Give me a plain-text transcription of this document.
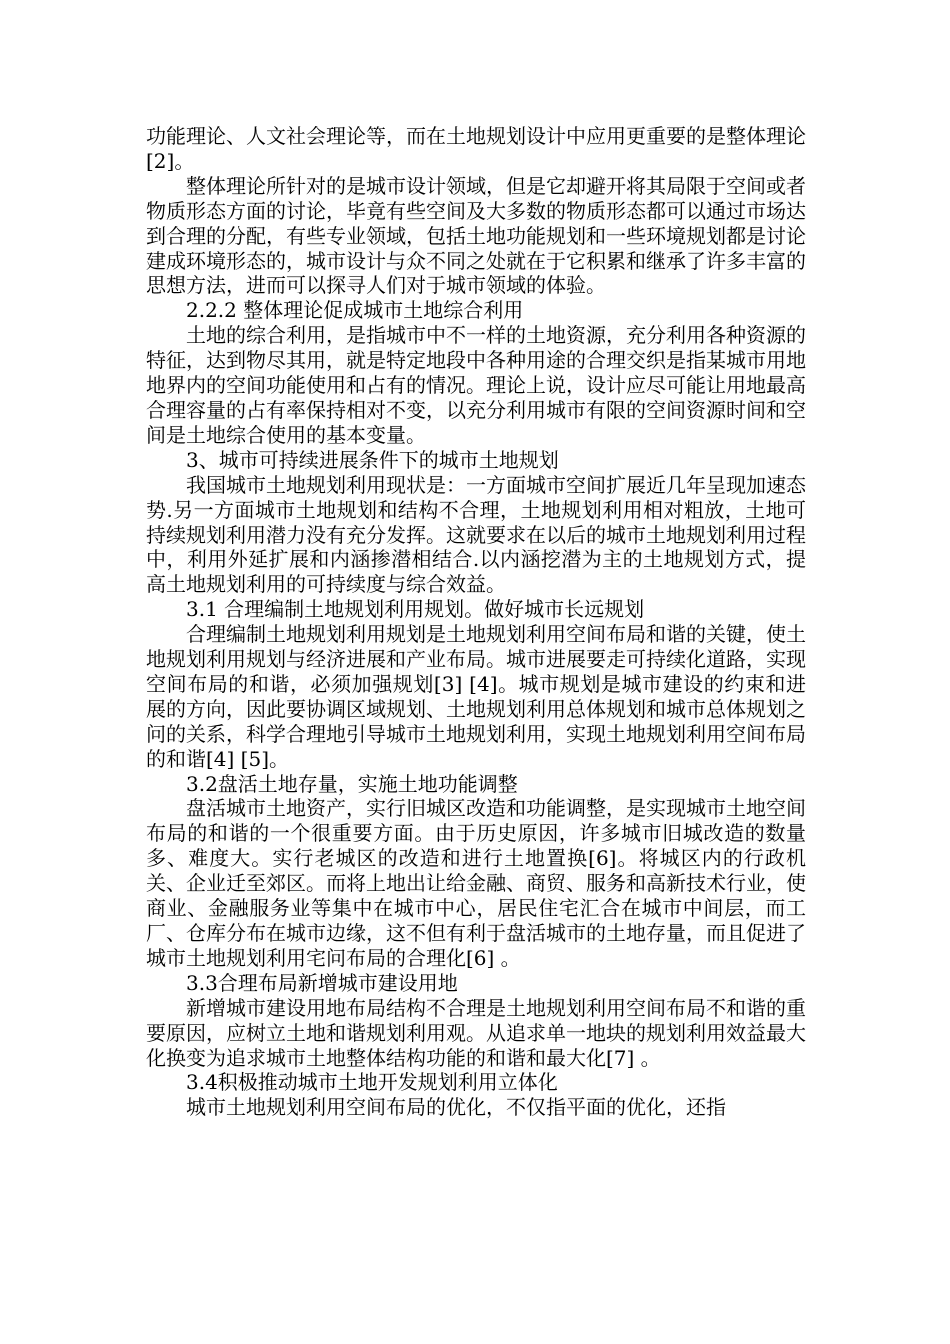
功能理论、人文社会理论等，而在土地规划设计中应用更重要的是整体理论[2]。

整体理论所针对的是城市设计领域，但是它却避开将其局限于空间或者物质形态方面的讨论，毕竟有些空间及大多数的物质形态都可以通过市场达到合理的分配，有些专业领域，包括土地功能规划和一些环境规划都是讨论建成环境形态的，城市设计与众不同之处就在于它积累和继承了许多丰富的思想方法，进而可以探寻人们对于城市领域的体验。

2.2.2 整体理论促成城市土地综合利用

土地的综合利用，是指城市中不一样的土地资源，充分利用各种资源的特征，达到物尽其用，就是特定地段中各种用途的合理交织是指某城市用地地界内的空间功能使用和占有的情况。理论上说，设计应尽可能让用地最高合理容量的占有率保持相对不变，以充分利用城市有限的空间资源时间和空间是土地综合使用的基本变量。

3、城市可持续进展条件下的城市土地规划

我国城市土地规划利用现状是：一方面城市空间扩展近几年呈现加速态势.另一方面城市土地规划和结构不合理，土地规划利用相对粗放，土地可持续规划利用潜力没有充分发挥。这就要求在以后的城市土地规划利用过程中，利用外延扩展和内涵掺潜相结合.以内涵挖潜为主的土地规划方式，提高土地规划利用的可持续度与综合效益。

3.1 合理编制土地规划利用规划。做好城市长远规划

合理编制土地规划利用规划是土地规划利用空间布局和谐的关键，使土地规划利用规划与经济进展和产业布局。城市进展要走可持续化道路，实现空间布局的和谐，必须加强规划[3] [4]。城市规划是城市建设的约束和进展的方向，因此要协调区域规划、土地规划利用总体规划和城市总体规划之问的关系，科学合理地引导城市土地规划利用，实现土地规划利用空间布局的和谐[4] [5]。

3.2盘活土地存量，实施土地功能调整

盘活城市土地资产，实行旧城区改造和功能调整，是实现城市土地空间布局的和谐的一个很重要方面。由于历史原因，许多城市旧城改造的数量多、难度大。实行老城区的改造和进行土地置换[6]。将城区内的行政机关、企业迁至郊区。而将上地出让给金融、商贸、服务和高新技术行业，使商业、金融服务业等集中在城市中心，居民住宅汇合在城市中间层，而工厂、仓库分布在城市边缘，这不但有利于盘活城市的土地存量，而且促进了城市土地规划利用宅问布局的合理化[6] 。

3.3合理布局新增城市建设用地

新增城市建设用地布局结构不合理是土地规划利用空间布局不和谐的重要原因，应树立土地和谐规划利用观。从追求单一地块的规划利用效益最大化换变为追求城市土地整体结构功能的和谐和最大化[7] 。

3.4积极推动城市土地开发规划利用立体化

城市土地规划利用空间布局的优化，不仅指平面的优化，还指
